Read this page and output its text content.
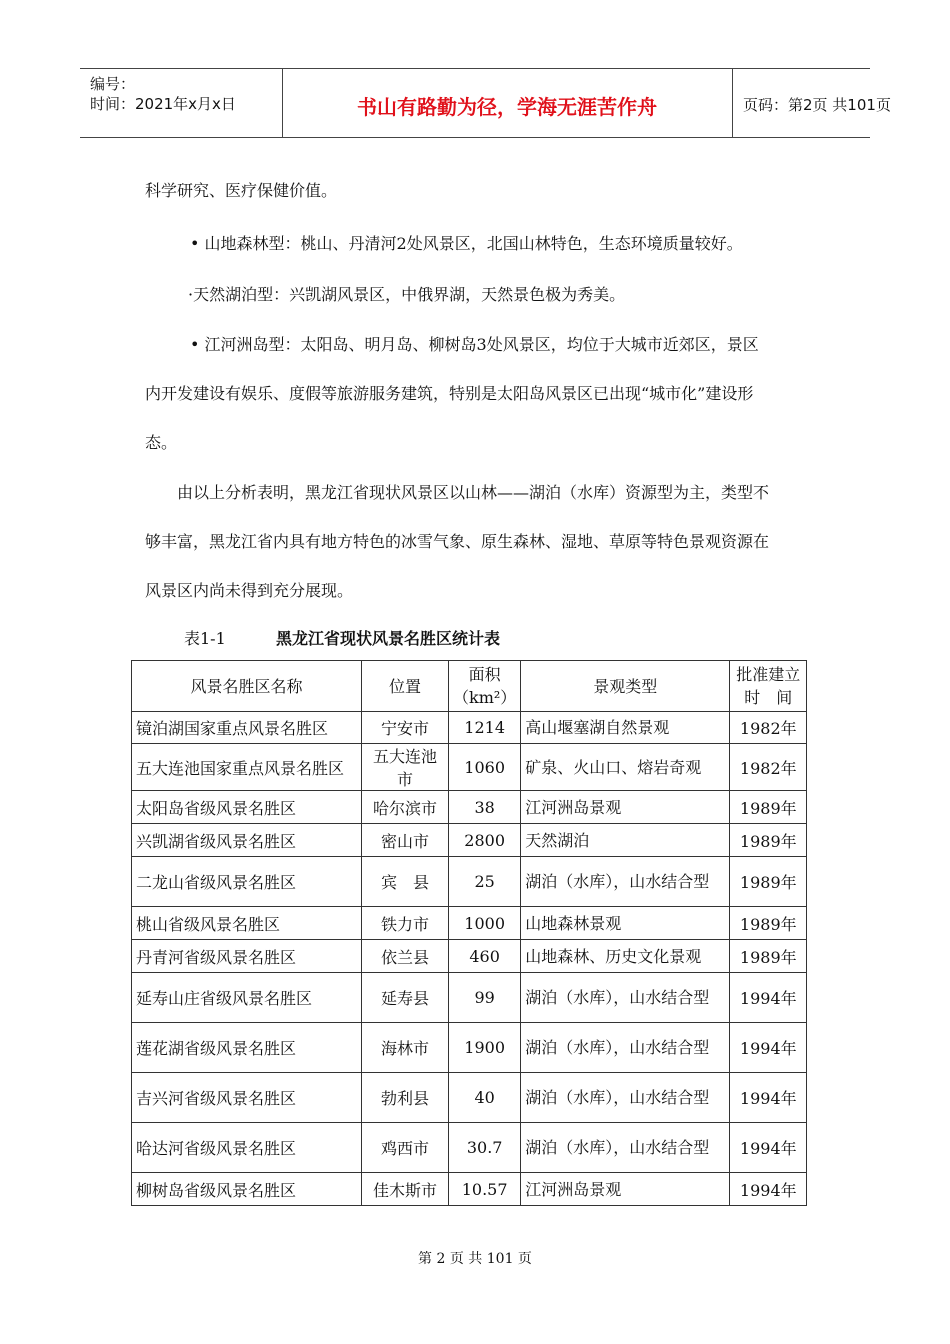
编号：
时间：2021年x月x日	书山有路勤为径，学海无涯苦作舟	页码：第2页 共101页
科学研究、医疗保健价值。
• 山地森林型：桃山、丹清河2处风景区，北国山林特色，生态环境质量较好。
·天然湖泊型：兴凯湖风景区，中俄界湖，天然景色极为秀美。
• 江河洲岛型：太阳岛、明月岛、柳树岛3处风景区，均位于大城市近郊区，景区
内开发建设有娱乐、度假等旅游服务建筑，特别是太阳岛风景区已出现“城市化”建设形
态。
由以上分析表明，黑龙江省现状风景区以山林——湖泊（水库）资源型为主，类型不
够丰富，黑龙江省内具有地方特色的冰雪气象、原生森林、湿地、草原等特色景观资源在
风景区内尚未得到充分展现。
表1-1	黑龙江省现状风景名胜区统计表
风景名胜区名称	位置	面积（km²）	景观类型	批准建立时　间
镜泊湖国家重点风景名胜区	宁安市	1214	高山堰塞湖自然景观	1982年
五大连池国家重点风景名胜区	五大连池市	1060	矿泉、火山口、熔岩奇观	1982年
太阳岛省级风景名胜区	哈尔滨市	38	江河洲岛景观	1989年
兴凯湖省级风景名胜区	密山市	2800	天然湖泊	1989年
二龙山省级风景名胜区	宾　县	25	湖泊（水库），山水结合型	1989年
桃山省级风景名胜区	铁力市	1000	山地森林景观	1989年
丹青河省级风景名胜区	依兰县	460	山地森林、历史文化景观	1989年
延寿山庄省级风景名胜区	延寿县	99	湖泊（水库），山水结合型	1994年
莲花湖省级风景名胜区	海林市	1900	湖泊（水库），山水结合型	1994年
吉兴河省级风景名胜区	勃利县	40	湖泊（水库），山水结合型	1994年
哈达河省级风景名胜区	鸡西市	30.7	湖泊（水库），山水结合型	1994年
柳树岛省级风景名胜区	佳木斯市	10.57	江河洲岛景观	1994年
第 2 页 共 101 页
